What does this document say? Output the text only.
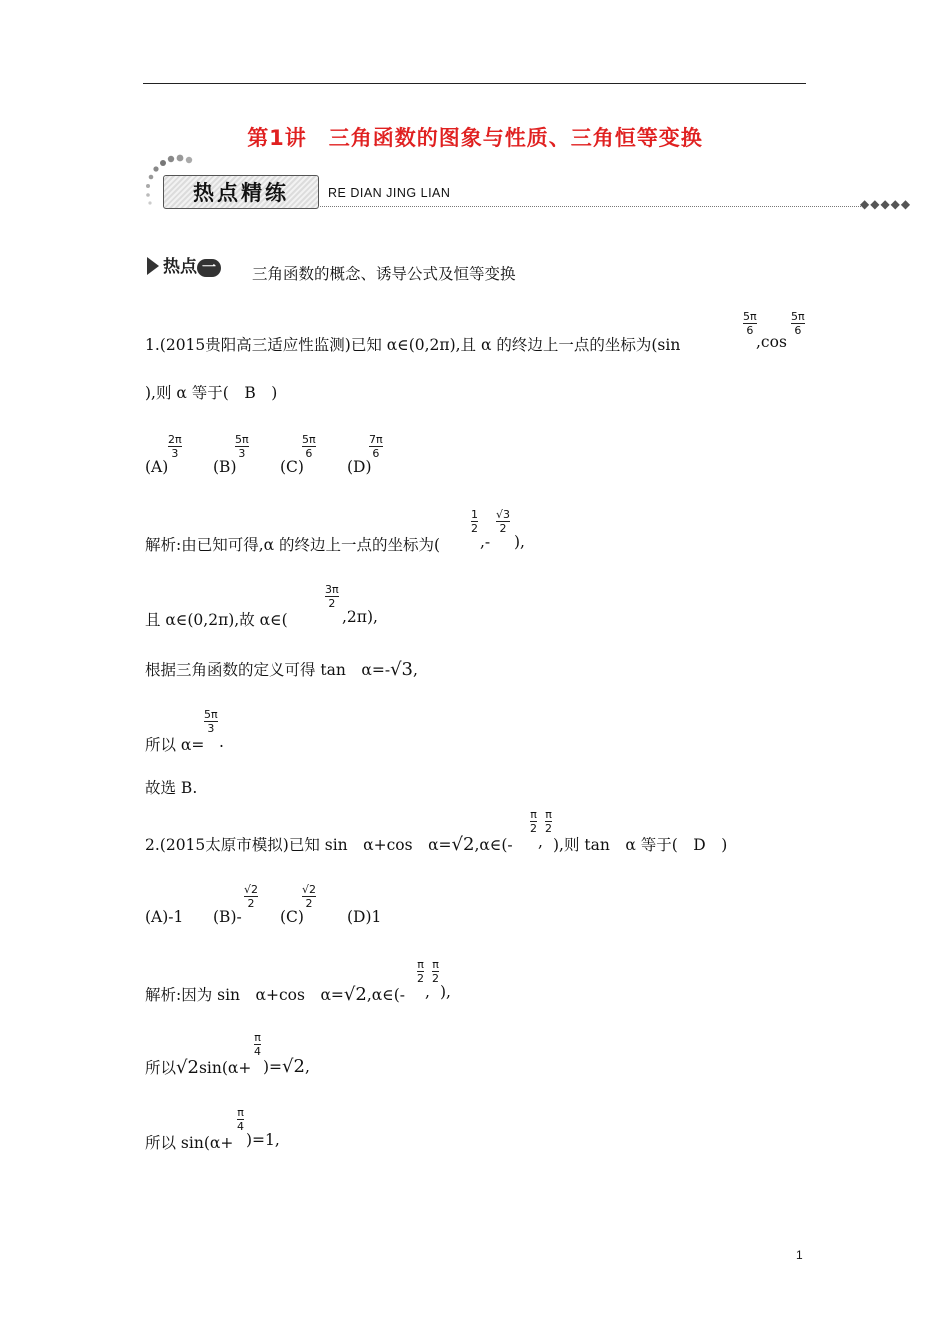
第1讲　三角函数的图象与性质、三角恒等变换
热点精练	RE DIAN JING LIAN
◆◆◆◆◆
热点 一	三角函数的概念、诱导公式及恒等变换
1.(2015贵阳高三适应性监测)已知 α∈(0,2π),且 α 的终边上一点的坐标为(sin
$\frac{5\pi}{6}$
,cos
$\frac{5\pi}{6}$
),则 α 等于(　B　)
(A)
$\frac{2\pi}{3}$
(B)
$\frac{5\pi}{3}$
(C)
$\frac{5\pi}{6}$
(D)
$\frac{7\pi}{6}$
解析:由已知可得,α 的终边上一点的坐标为(
$\frac{1}{2}$
,-
$\frac{√3}{2}$
),
且 α∈(0,2π),故 α∈(
$\frac{3\pi}{2}$
,2π),
根据三角函数的定义可得 tan　α=-√3,
所以 α=
$\frac{5\pi}{3}$
.
故选 B.
2.(2015太原市模拟)已知 sin　α+cos　α=√2,α∈(-
$\frac{\pi}{2}$
,
$\frac{\pi}{2}$
),则 tan　α 等于(　D　)
(A)-1 (B)-
$\frac{√2}{2}$
(C)
$\frac{√2}{2}$
(D)1
解析:因为 sin　α+cos　α=√2,α∈(-
$\frac{\pi}{2}$
,
$\frac{\pi}{2}$
),
所以√2sin(α+
$\frac{\pi}{4}$
)=√2,
所以 sin(α+
$\frac{\pi}{4}$
)=1,
1
